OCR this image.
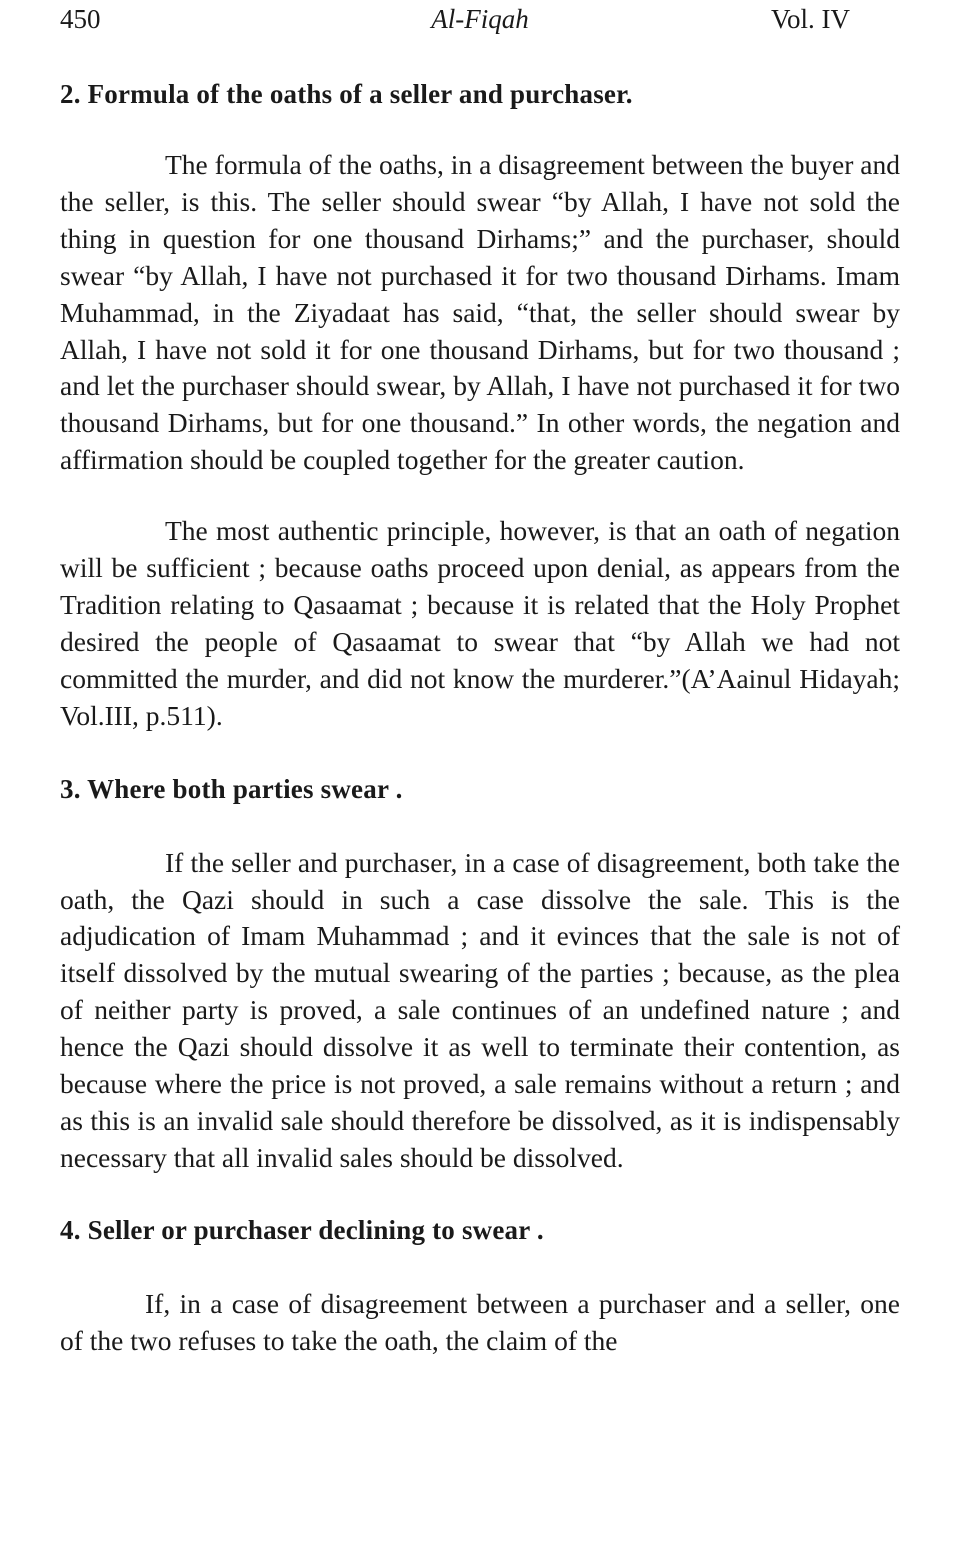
450	Al-Fiqah	Vol. IV
2. Formula of the oaths of a seller and purchaser.

The formula of the oaths, in a disagreement between the buyer and the seller, is this. The seller should swear “by Allah, I have not sold the thing in question for one thousand Dirhams;” and the purchaser, should swear “by Allah, I have not purchased it for two thousand Dirhams. Imam Muhammad, in the Ziyadaat has said, “that, the seller should swear by Allah, I have not sold it for one thousand Dirhams, but for two thousand ; and let the purchaser should swear, by Allah, I have not purchased it for two thousand Dirhams, but for one thousand.” In other words, the negation and affirmation should be coupled together for the greater caution.

The most authentic principle, however, is that an oath of negation will be sufficient ; because oaths proceed upon denial, as appears from the Tradition relating to Qasaamat ; because it is related that the Holy Prophet desired the people of Qasaamat to swear that “by Allah we had not committed the murder, and did not know the murderer.”(A’Aainul Hidayah; Vol.III, p.511).

3. Where both parties swear .

If the seller and purchaser, in a case of disagreement, both take the oath, the Qazi should in such a case dissolve the sale. This is the adjudication of Imam Muhammad ; and it evinces that the sale is not of itself dissolved by the mutual swearing of the parties ; because, as the plea of neither party is proved, a sale continues of an undefined nature ; and hence the Qazi should dissolve it as well to terminate their contention, as because where the price is not proved, a sale remains without a return ; and as this is an invalid sale should therefore be dissolved, as it is indispensably necessary that all invalid sales should be dissolved.

4. Seller or purchaser declining to swear .

If, in a case of disagreement between a purchaser and a seller, one of the two refuses to take the oath, the claim of the
